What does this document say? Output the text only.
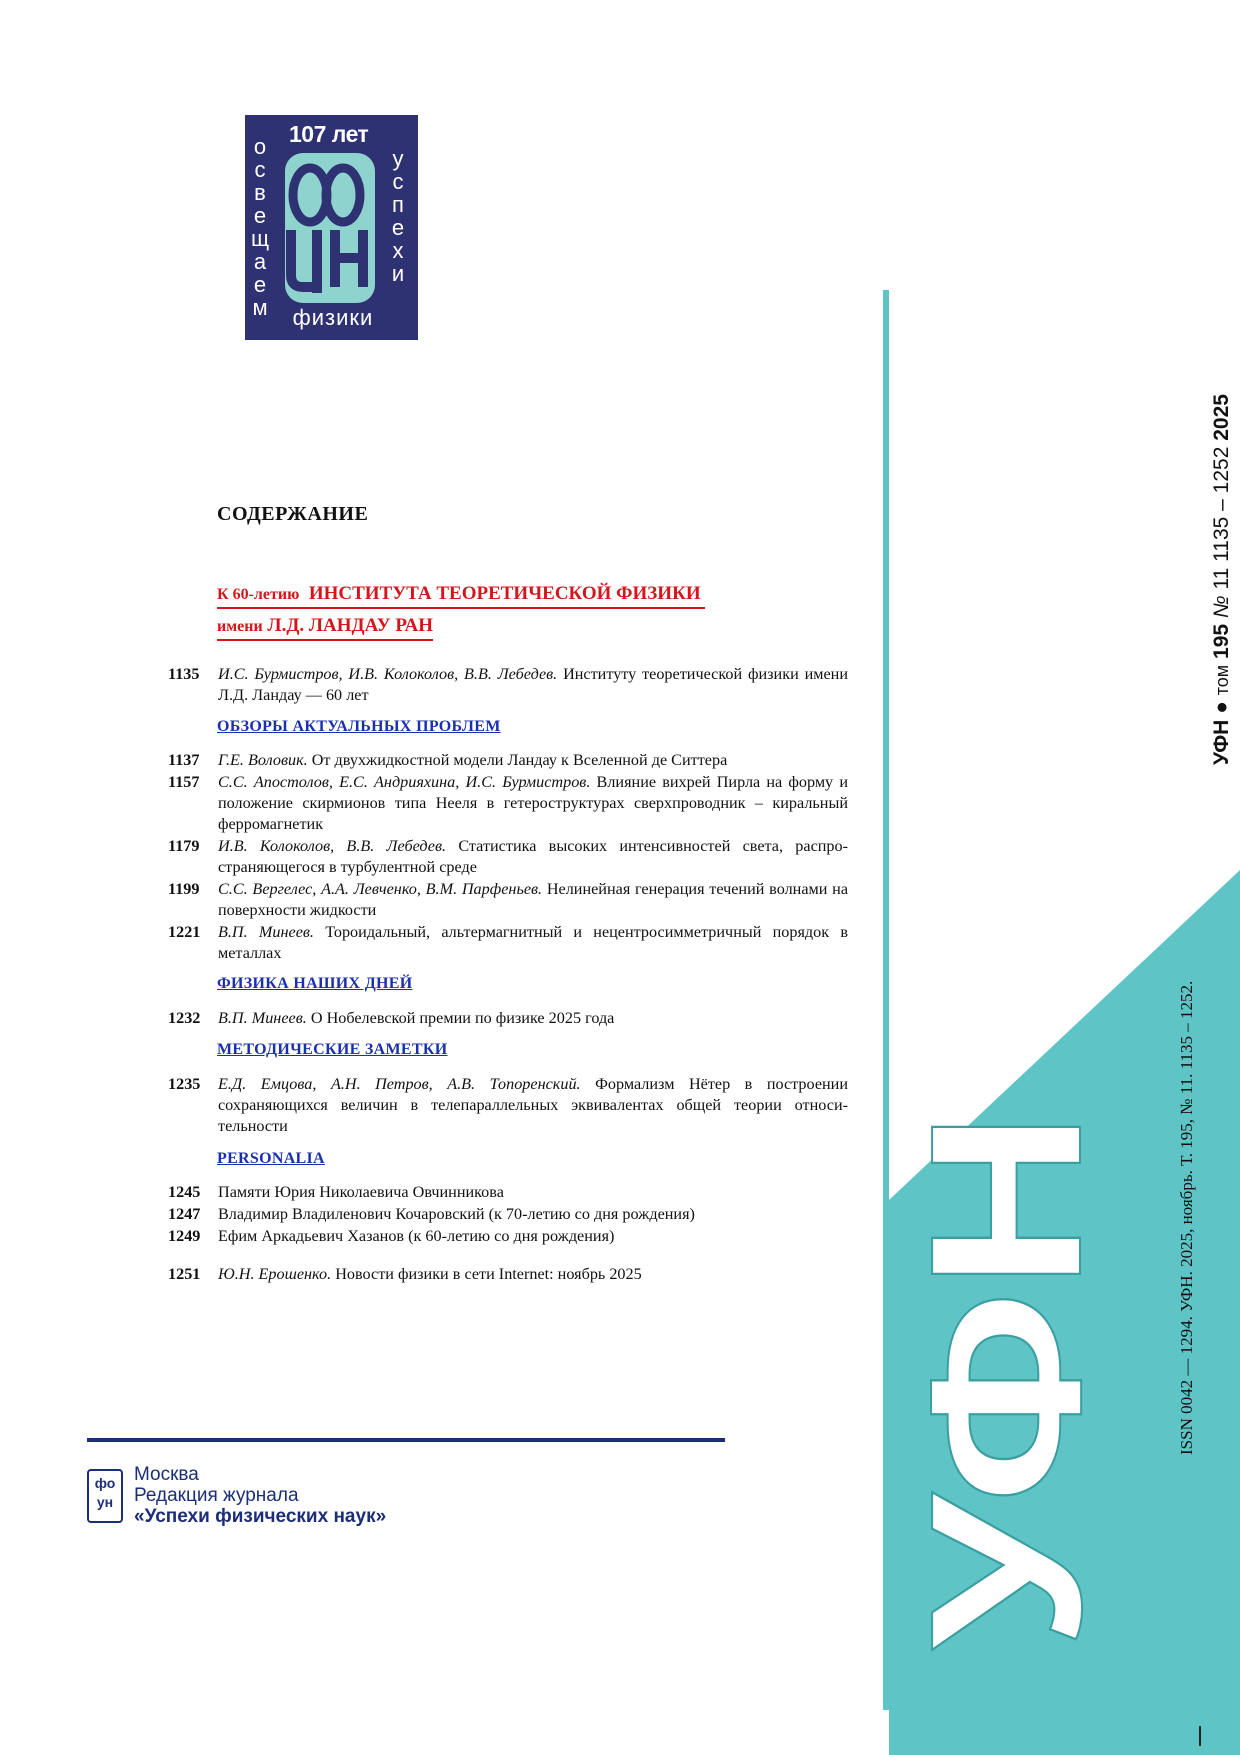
УФН
107 лет
о
с
в
е
щ
а
е
м
у
с
п
е
х
и
физики
УФН ● том 195 № 11 1135 – 1252 2025
ISSN 0042 — 1294. УФН. 2025, ноябрь. Т. 195, № 11. 1135 – 1252.
СОДЕРЖАНИЕ
К 60-летию ИНСТИТУТА ТЕОРЕТИЧЕСКОЙ ФИЗИКИ
имени Л.Д. ЛАНДАУ РАН
1135	И.С. Бурмистров, И.В. Колоколов, В.В. Лебедев. Институту теоретической физики имени Л.Д. Ландау — 60 лет
ОБЗОРЫ АКТУАЛЬНЫХ ПРОБЛЕМ
1137	Г.Е. Воловик. От двухжидкостной модели Ландау к Вселенной де Ситтера
1157	С.С. Апостолов, Е.С. Андрияхина, И.С. Бурмистров. Влияние вихрей Пирла на форму и положение скирмионов типа Нееля в гетероструктурах сверхпроводник – киральный ферромагнетик
1179	И.В. Колоколов, В.В. Лебедев. Статистика высоких интенсивностей света, распро-страняющегося в турбулентной среде
1199	С.С. Вергелес, А.А. Левченко, В.М. Парфеньев. Нелинейная генерация течений волнами на поверхности жидкости
1221	В.П. Минеев. Тороидальный, альтермагнитный и нецентросимметричный порядок в металлах
ФИЗИКА НАШИХ ДНЕЙ
1232	В.П. Минеев. О Нобелевской премии по физике 2025 года
МЕТОДИЧЕСКИЕ ЗАМЕТКИ
1235	Е.Д. Емцова, А.Н. Петров, А.В. Топоренский. Формализм Нётер в построении сохраняющихся величин в телепараллельных эквивалентах общей теории относи-тельности
PERSONALIA
1245	Памяти Юрия Николаевича Овчинникова
1247	Владимир Владиленович Кочаровский (к 70-летию со дня рождения)
1249	Ефим Аркадьевич Хазанов (к 60-летию со дня рождения)
1251	Ю.Н. Ерошенко. Новости физики в сети Internet: ноябрь 2025
фо
ун
Москва
Редакция журнала
«Успехи физических наук»
